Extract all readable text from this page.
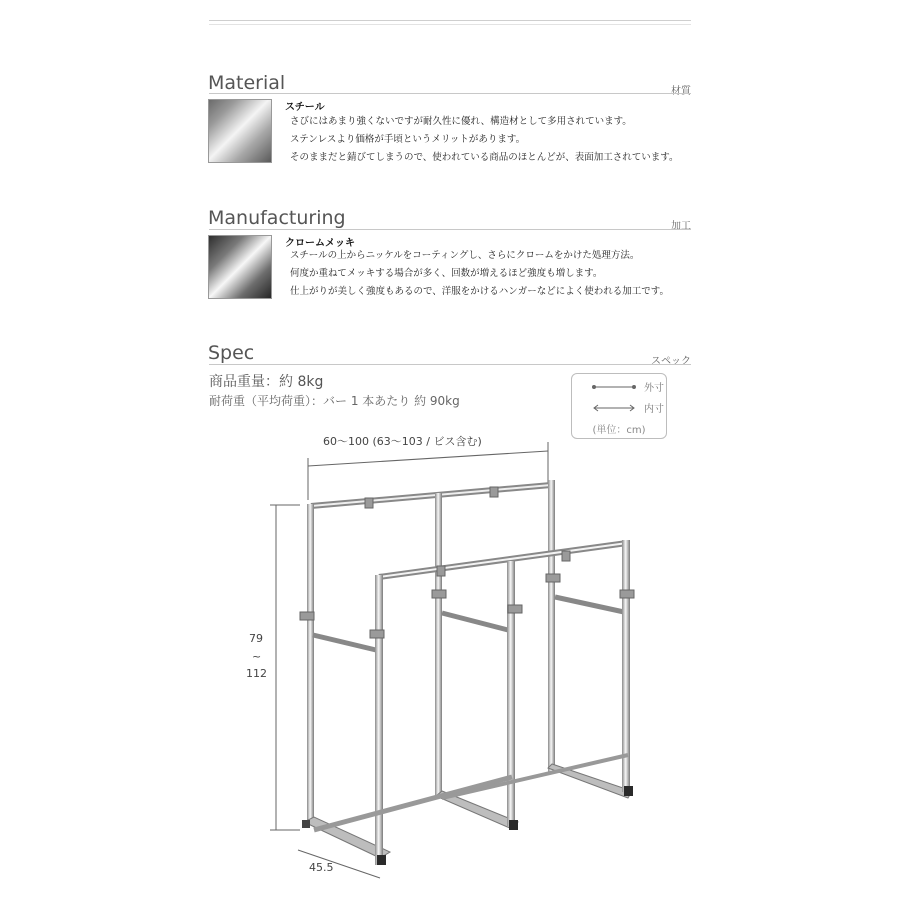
Material	材質
スチール
さびにはあまり強くないですが耐久性に優れ、構造材として多用されています。
ステンレスより価格が手頃というメリットがあります。
そのままだと錆びてしまうので、使われている商品のほとんどが、表面加工されています。
Manufacturing	加工
クロームメッキ
スチールの上からニッケルをコーティングし、さらにクロームをかけた処理方法。
何度か重ねてメッキする場合が多く、回数が増えるほど強度も増します。
仕上がりが美しく強度もあるので、洋服をかけるハンガーなどによく使われる加工です。
Spec	スペック
商品重量：約 8kg
耐荷重（平均荷重）：バー 1 本あたり 約 90kg
外寸
内寸
(単位：cm)
60～100 (63～103 / ビス含む)
79
~
112
45.5
